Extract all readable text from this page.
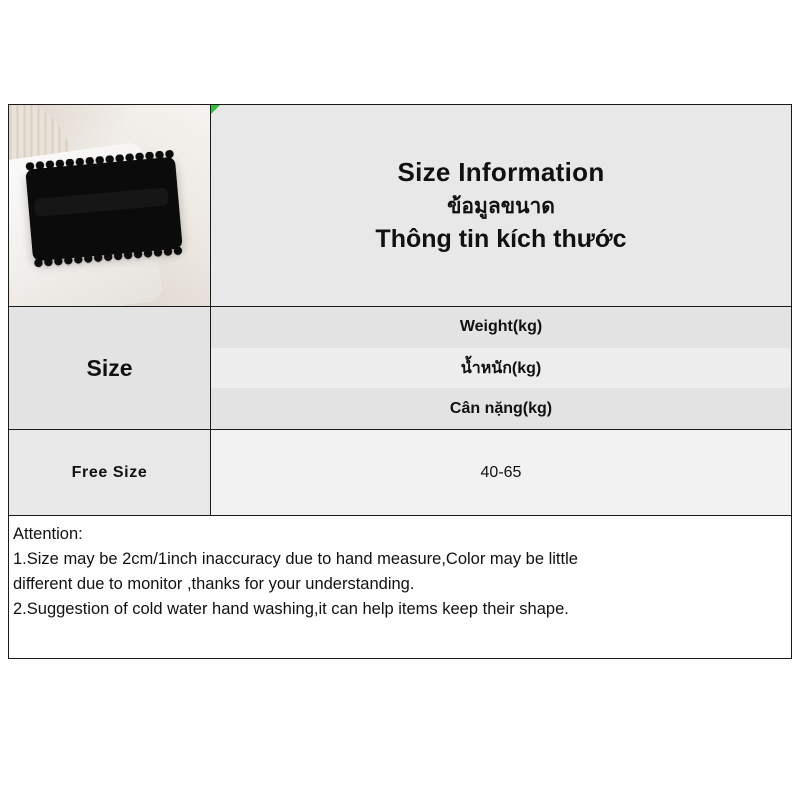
Size Information
ข้อมูลขนาด
Thông tin kích thước
Size
Weight(kg)
น้ำหนัก(kg)
Cân nặng(kg)
Free Size	40-65
Attention:
1.Size may be 2cm/1inch inaccuracy due to hand measure,Color may be little
different due to monitor ,thanks for your understanding.
2.Suggestion of cold water hand washing,it can help items keep their shape.
